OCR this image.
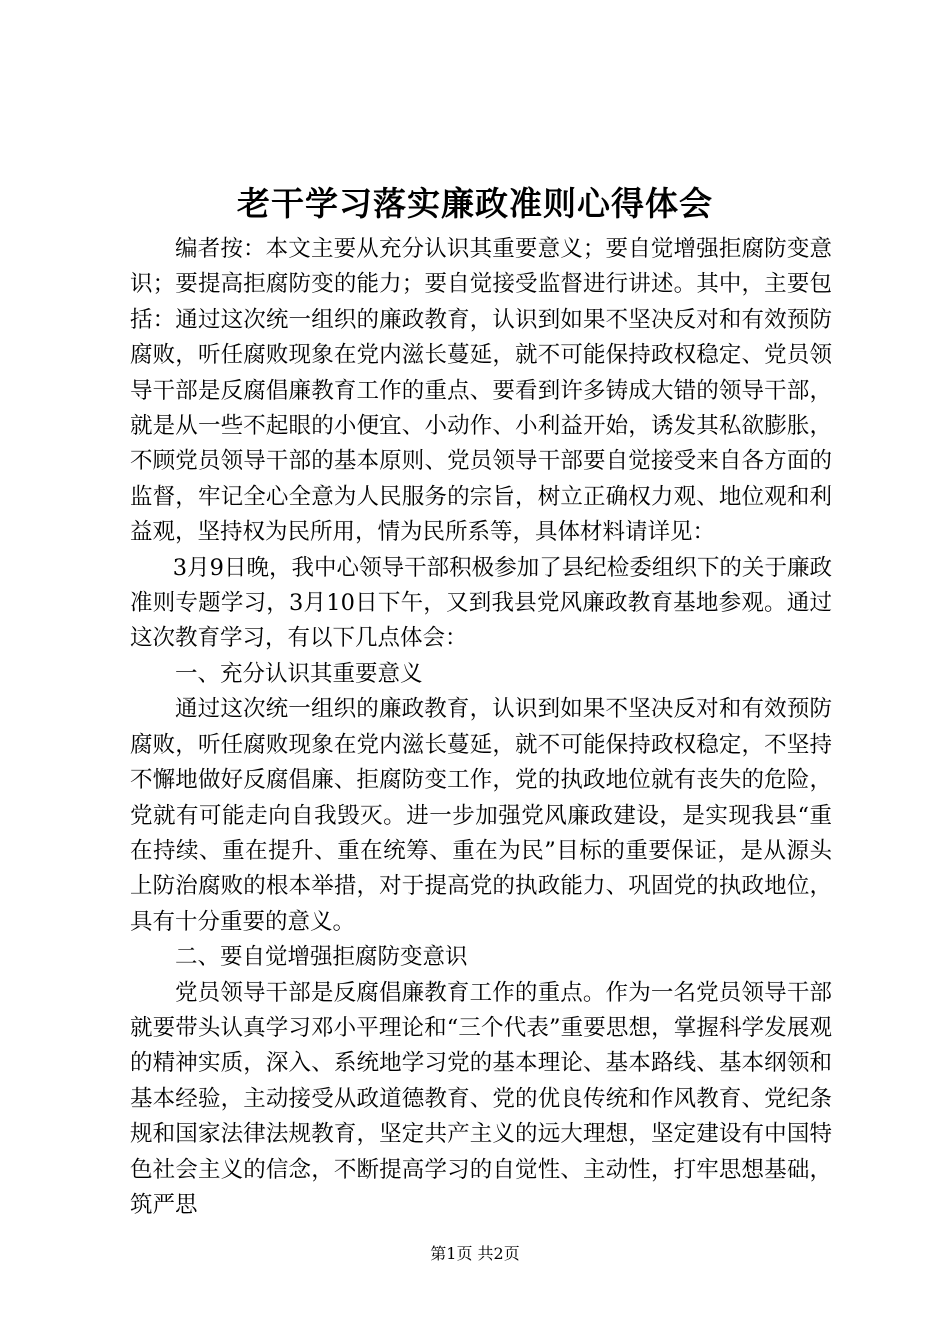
老干学习落实廉政准则心得体会

编者按：本文主要从充分认识其重要意义；要自觉增强拒腐防变意识；要提高拒腐防变的能力；要自觉接受监督进行讲述。其中，主要包括：通过这次统一组织的廉政教育，认识到如果不坚决反对和有效预防腐败，听任腐败现象在党内滋长蔓延，就不可能保持政权稳定、党员领导干部是反腐倡廉教育工作的重点、要看到许多铸成大错的领导干部，就是从一些不起眼的小便宜、小动作、小利益开始，诱发其私欲膨胀，不顾党员领导干部的基本原则、党员领导干部要自觉接受来自各方面的监督，牢记全心全意为人民服务的宗旨，树立正确权力观、地位观和利益观，坚持权为民所用，情为民所系等，具体材料请详见：

3月9日晚，我中心领导干部积极参加了县纪检委组织下的关于廉政准则专题学习，3月10日下午，又到我县党风廉政教育基地参观。通过这次教育学习，有以下几点体会：

一、充分认识其重要意义

通过这次统一组织的廉政教育，认识到如果不坚决反对和有效预防腐败，听任腐败现象在党内滋长蔓延，就不可能保持政权稳定，不坚持不懈地做好反腐倡廉、拒腐防变工作，党的执政地位就有丧失的危险，党就有可能走向自我毁灭。进一步加强党风廉政建设，是实现我县“重在持续、重在提升、重在统筹、重在为民”目标的重要保证，是从源头上防治腐败的根本举措，对于提高党的执政能力、巩固党的执政地位，具有十分重要的意义。

二、要自觉增强拒腐防变意识

党员领导干部是反腐倡廉教育工作的重点。作为一名党员领导干部就要带头认真学习邓小平理论和“三个代表”重要思想，掌握科学发展观的精神实质，深入、系统地学习党的基本理论、基本路线、基本纲领和基本经验，主动接受从政道德教育、党的优良传统和作风教育、党纪条规和国家法律法规教育，坚定共产主义的远大理想，坚定建设有中国特色社会主义的信念，不断提高学习的自觉性、主动性，打牢思想基础，筑严思

第1页 共2页
